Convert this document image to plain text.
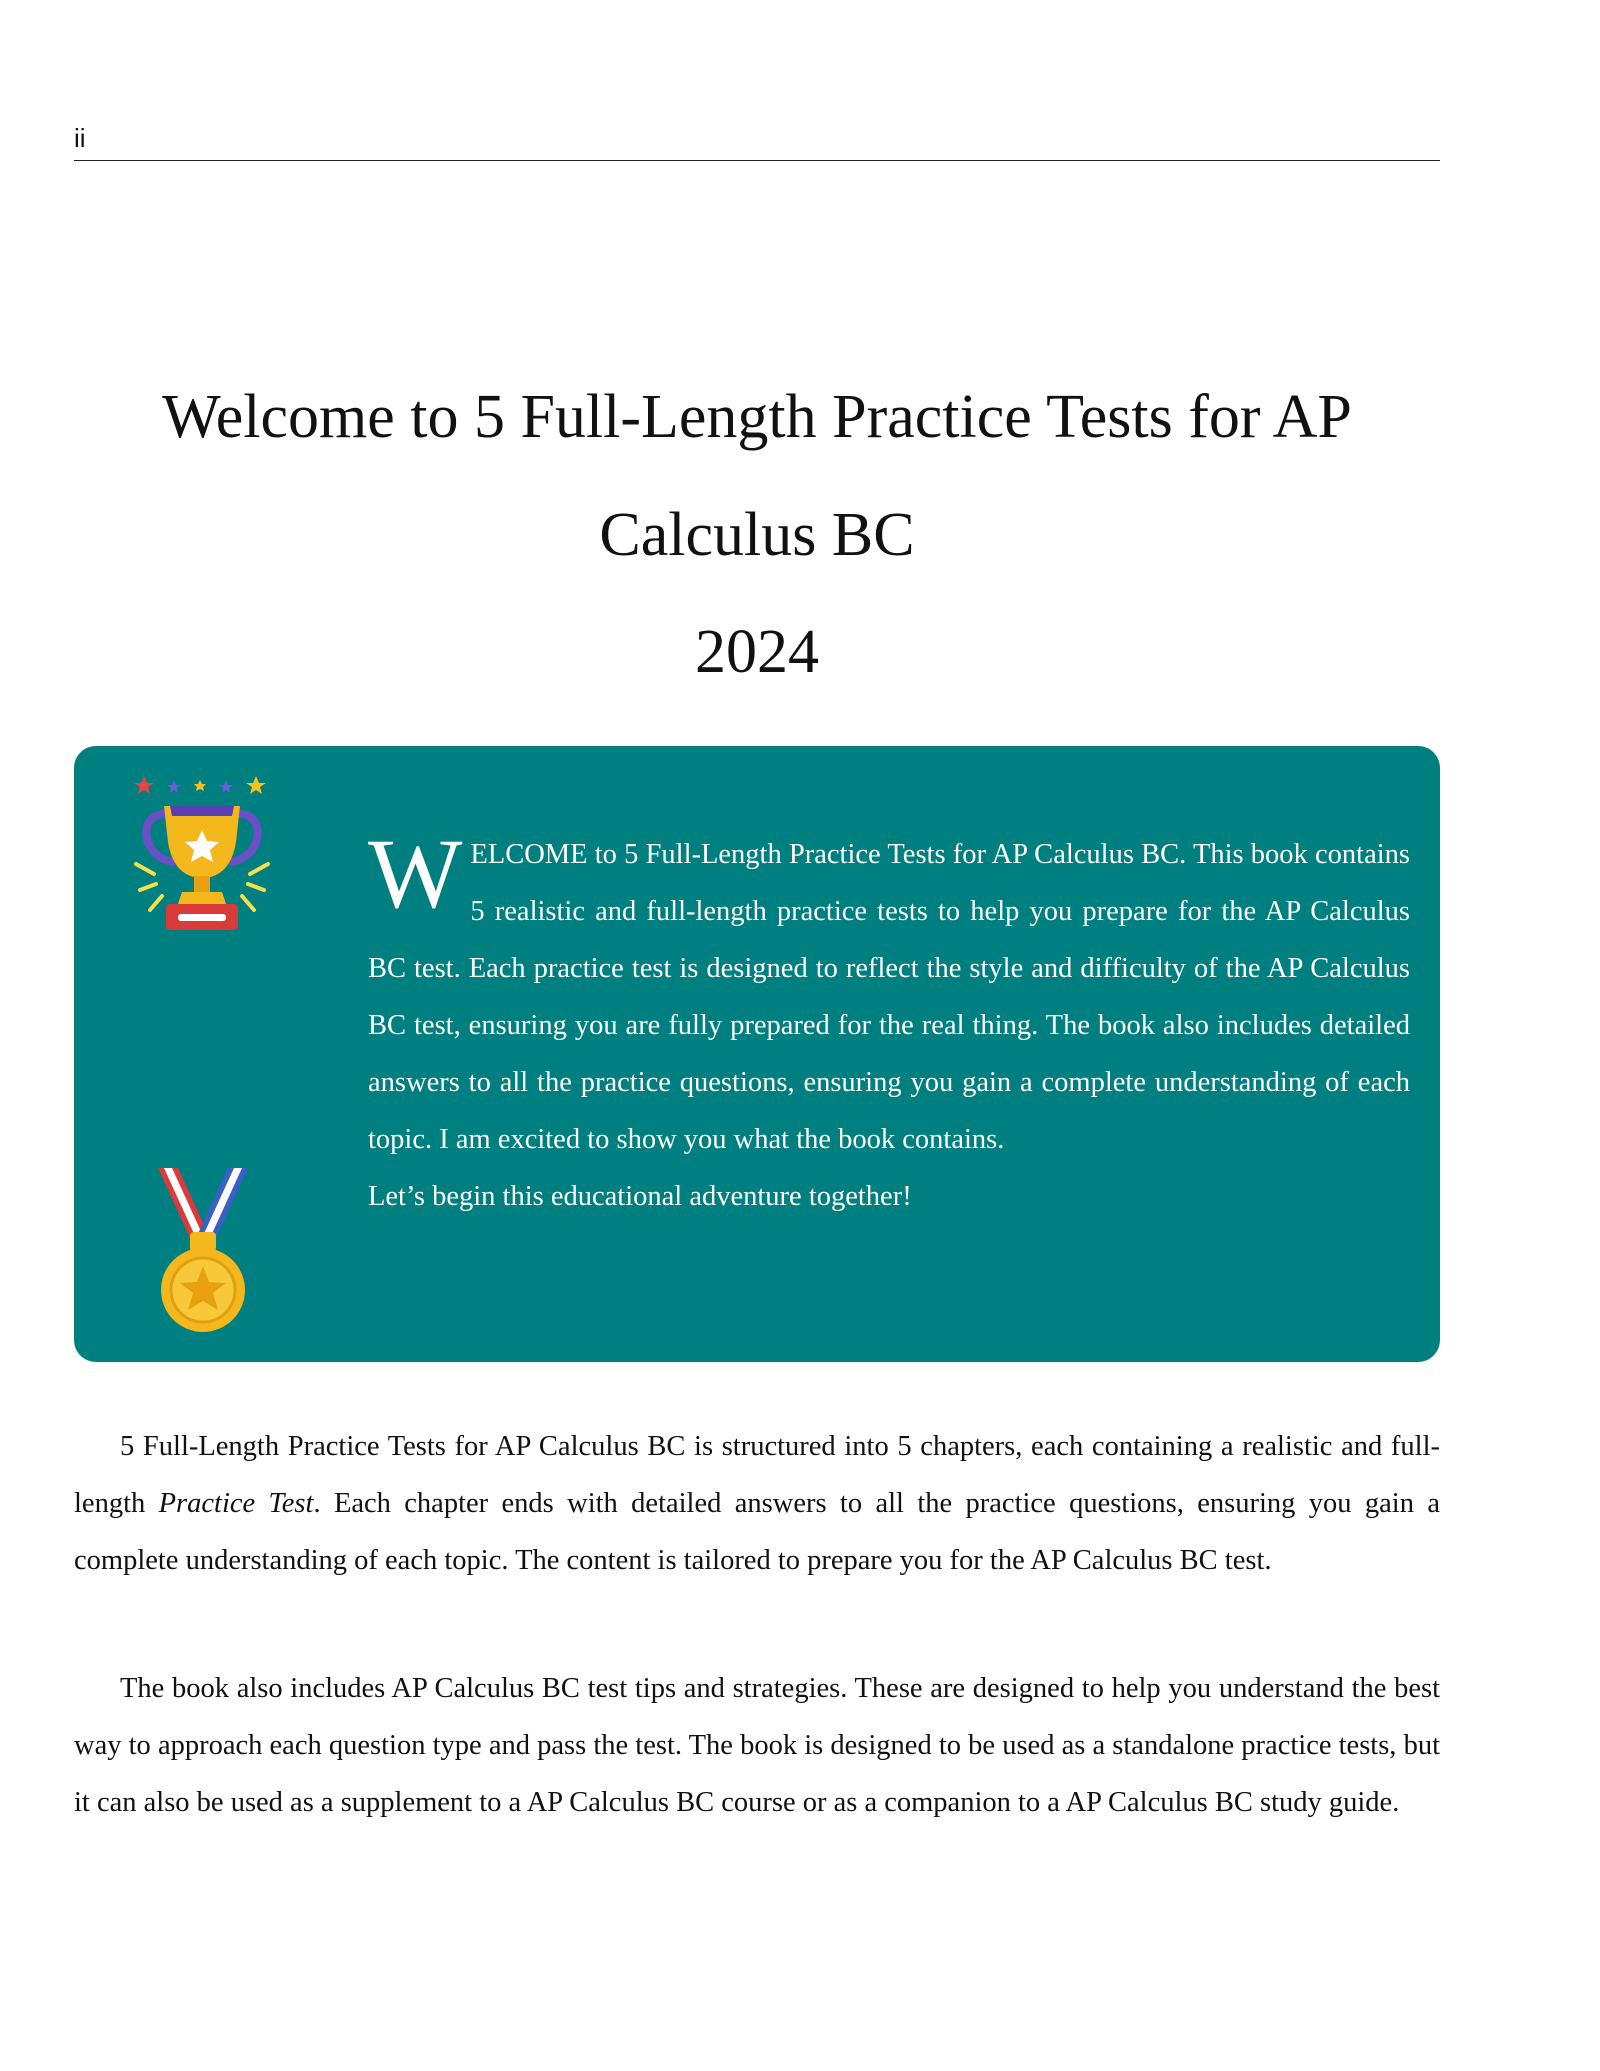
ii
Welcome to 5 Full-Length Practice Tests for AP
Calculus BC
2024

WELCOME to 5 Full-Length Practice Tests for AP Calculus BC. This book contains 5 realistic and full-length practice tests to help you prepare for the AP Calculus BC test. Each practice test is designed to reflect the style and difficulty of the AP Calculus BC test, ensuring you are fully prepared for the real thing. The book also includes detailed answers to all the practice questions, ensuring you gain a complete understanding of each topic. I am excited to show you what the book contains.

Let’s begin this educational adventure together!

5 Full-Length Practice Tests for AP Calculus BC is structured into 5 chapters, each containing a realistic and full-length Practice Test. Each chapter ends with detailed answers to all the practice questions, ensuring you gain a complete understanding of each topic. The content is tailored to prepare you for the AP Calculus BC test.

The book also includes AP Calculus BC test tips and strategies. These are designed to help you understand the best way to approach each question type and pass the test. The book is designed to be used as a standalone practice tests, but it can also be used as a supplement to a AP Calculus BC course or as a companion to a AP Calculus BC study guide.
